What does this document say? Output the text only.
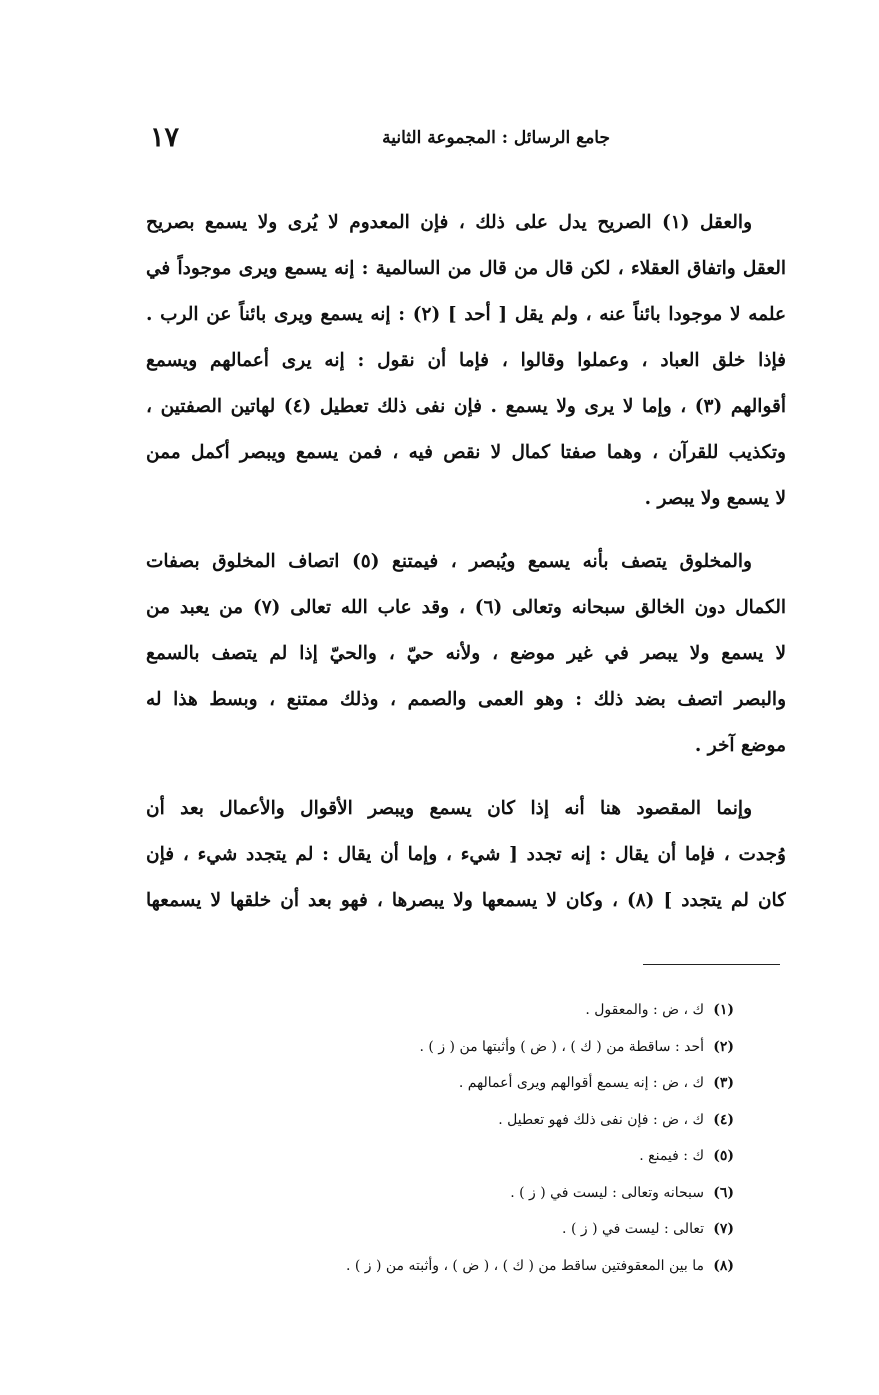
جامع الرسائل : المجموعة الثانية
١٧
والعقل (١) الصريح يدل على ذلك ، فإن المعدوم لا يُرى ولا يسمع بصريح
العقل واتفاق العقلاء ، لكن قال من قال من السالمية : إنه يسمع ويرى موجوداً في
علمه لا موجودا بائناً عنه ، ولم يقل [ أحد ] (٢) : إنه يسمع ويرى بائناً عن الرب .
فإذا خلق العباد ، وعملوا وقالوا ، فإما أن نقول : إنه يرى أعمالهم ويسمع
أقوالهم (٣) ، وإما لا يرى ولا يسمع . فإن نفى ذلك تعطيل (٤) لهاتين الصفتين ،
وتكذيب للقرآن ، وهما صفتا كمال لا نقص فيه ، فمن يسمع ويبصر أكمل ممن
لا يسمع ولا يبصر .
والمخلوق يتصف بأنه يسمع ويُبصر ، فيمتنع (٥) اتصاف المخلوق بصفات
الكمال دون الخالق سبحانه وتعالى (٦) ، وقد عاب الله تعالى (٧) من يعبد من
لا يسمع ولا يبصر في غير موضع ، ولأنه حيّ ، والحيّ إذا لم يتصف بالسمع
والبصر اتصف بضد ذلك : وهو العمى والصمم ، وذلك ممتنع ، وبسط هذا له
موضع آخر .
وإنما المقصود هنا أنه إذا كان يسمع ويبصر الأقوال والأعمال بعد أن
وُجدت ، فإما أن يقال : إنه تجدد [ شيء ، وإما أن يقال : لم يتجدد شيء ، فإن
كان لم يتجدد ] (٨) ، وكان لا يسمعها ولا يبصرها ، فهو بعد أن خلقها لا يسمعها
(١)ك ، ض : والمعقول .
(٢)أحد : ساقطة من ( ك ) ، ( ض ) وأثبتها من ( ز ) .
(٣)ك ، ض : إنه يسمع أقوالهم ويرى أعمالهم .
(٤)ك ، ض : فإن نفى ذلك فهو تعطيل .
(٥)ك : فيمنع .
(٦)سبحانه وتعالى : ليست في ( ز ) .
(٧)تعالى : ليست في ( ز ) .
(٨)ما بين المعقوفتين ساقط من ( ك ) ، ( ض ) ، وأثبته من ( ز ) .
